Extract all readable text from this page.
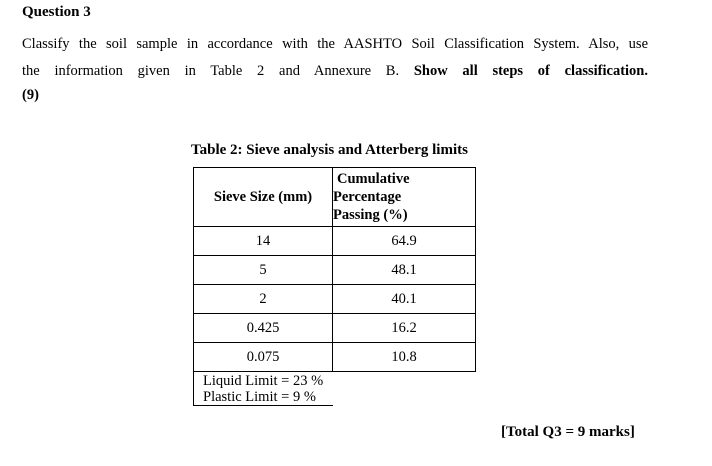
Question 3
Classify the soil sample in accordance with the AASHTO Soil Classification System. Also, use
the information given in Table 2 and Annexure B. Show all steps of classification.
(9)
Table 2: Sieve analysis and Atterberg limits
Sieve Size (mm)	Cumulative
Percentage
Passing (%)

14	64.9
5	48.1
2	40.1
0.425	16.2
0.075	10.8

Liquid Limit = 23 %
Plastic Limit = 9 %	

[Total Q3 = 9 marks]
